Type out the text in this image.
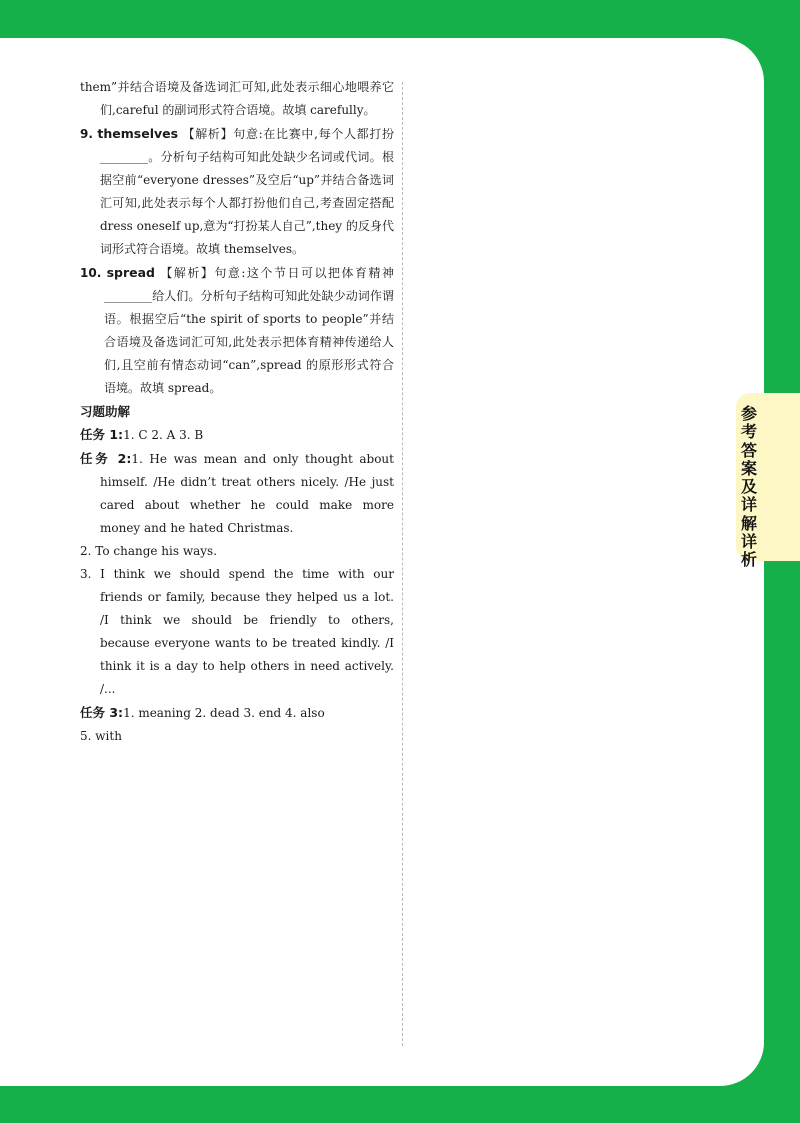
参考答案及详解详析
them”并结合语境及备选词汇可知,此处表示细心地喂养它们,careful 的副词形式符合语境。故填 carefully。
9. themselves 【解析】句意:在比赛中,每个人都打扮________。分析句子结构可知此处缺少名词或代词。根据空前“everyone dresses”及空后“up”并结合备选词汇可知,此处表示每个人都打扮他们自己,考查固定搭配 dress oneself up,意为“打扮某人自己”,they 的反身代词形式符合语境。故填 themselves。
10. spread 【解析】句意:这个节日可以把体育精神________给人们。分析句子结构可知此处缺少动词作谓语。根据空后“the spirit of sports to people”并结合语境及备选词汇可知,此处表示把体育精神传递给人们,且空前有情态动词“can”,spread 的原形形式符合语境。故填 spread。
习题助解
任务 1:1. C 2. A 3. B
任务 2:1. He was mean and only thought about himself. /He didn’t treat others nicely. /He just cared about whether he could make more money and he hated Christmas.
2. To change his ways.
3. I think we should spend the time with our friends or family, because they helped us a lot. /I think we should be friendly to others, because everyone wants to be treated kindly. /I think it is a day to help others in need actively. /...
任务 3:1. meaning 2. dead 3. end 4. also
5. with
